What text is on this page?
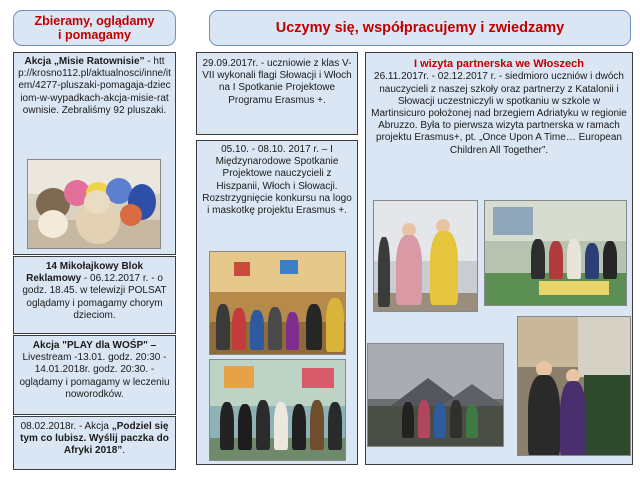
Zbieramy, oglądamy
i pomagamy	Uczymy się, współpracujemy i zwiedzamy

Akcja „Misie Ratownisie” - http://krosno112.pl/aktualnosci/inne/item/4277-pluszaki-pomagaja-dzieciom-w-wypadkach-akcja-misie-ratownisie. Zebraliśmy 92 pluszaki.

14 Mikołajkowy Blok Reklamowy - 06.12.2017 r. - o godz. 18.45. w telewizji POLSAT oglądamy i pomagamy chorym dzieciom.

Akcja "PLAY dla WOŚP" – Livestream -13.01. godz. 20:30 - 14.01.2018r. godz. 20:30. - oglądamy i pomagamy w leczeniu noworodków.

08.02.2018r. - Akcja „Podziel się tym co lubisz. Wyślij paczka do Afryki 2018”.

29.09.2017r. - uczniowie z klas V-VII wykonali flagi Słowacji i Włoch na I Spotkanie Projektowe Programu Erasmus +.

05.10. - 08.10. 2017 r. – I Międzynarodowe Spotkanie Projektowe nauczycieli z Hiszpanii, Włoch i Słowacji. Rozstrzygnięcie konkursu na logo i maskotkę projektu Erasmus +.

I wizyta partnerska we Włoszech

26.11.2017r. - 02.12.2017 r. - siedmioro uczniów i dwóch nauczycieli z naszej szkoły oraz partnerzy z Katalonii i Słowacji uczestniczyli w spotkaniu w szkole w Martinsicuro położonej nad brzegiem Adriatyku w regionie Abruzzo. Była to pierwsza wizyta partnerska w ramach projektu Erasmus+, pt. „Once Upon A Time… European Children All Together”.
